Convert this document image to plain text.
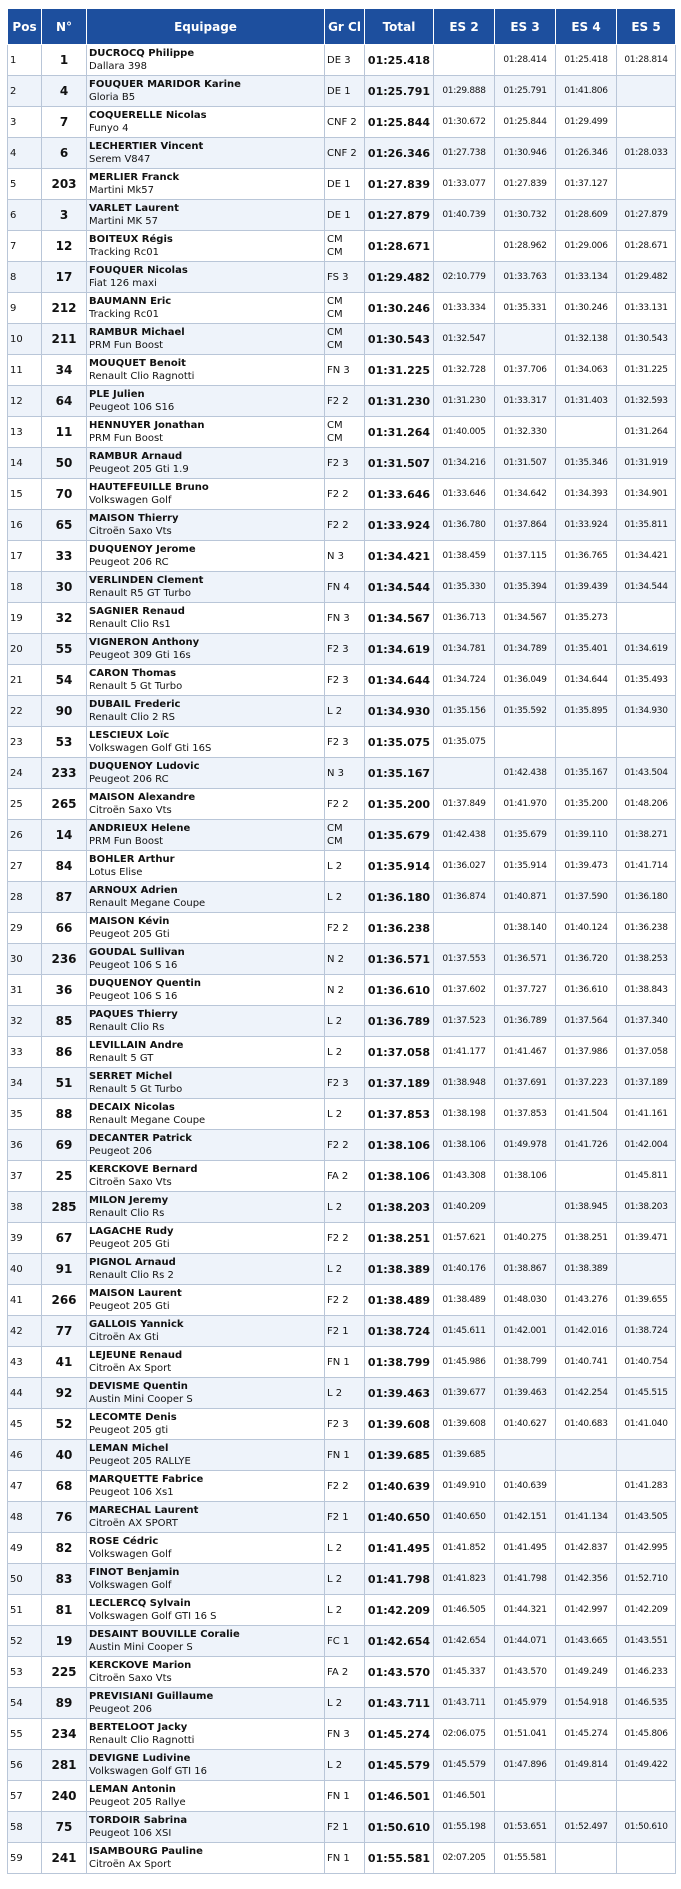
Pos	N°	Equipage	Gr Cl	Total	ES 2	ES 3	ES 4	ES 5
1	1	DUCROCQ Philippe
Dallara 398	DE 3	01:25.418		01:28.414	01:25.418	01:28.814
2	4	FOUQUER MARIDOR Karine
Gloria B5	DE 1	01:25.791	01:29.888	01:25.791	01:41.806	
3	7	COQUERELLE Nicolas
Funyo 4	CNF 2	01:25.844	01:30.672	01:25.844	01:29.499	
4	6	LECHERTIER Vincent
Serem V847	CNF 2	01:26.346	01:27.738	01:30.946	01:26.346	01:28.033
5	203	MERLIER Franck
Martini Mk57	DE 1	01:27.839	01:33.077	01:27.839	01:37.127	
6	3	VARLET Laurent
Martini MK 57	DE 1	01:27.879	01:40.739	01:30.732	01:28.609	01:27.879
7	12	BOITEUX Régis
Tracking Rc01	CM
CM	01:28.671		01:28.962	01:29.006	01:28.671
8	17	FOUQUER Nicolas
Fiat 126 maxi	FS 3	01:29.482	02:10.779	01:33.763	01:33.134	01:29.482
9	212	BAUMANN Eric
Tracking Rc01	CM
CM	01:30.246	01:33.334	01:35.331	01:30.246	01:33.131
10	211	RAMBUR Michael
PRM Fun Boost	CM
CM	01:30.543	01:32.547		01:32.138	01:30.543
11	34	MOUQUET Benoit
Renault Clio Ragnotti	FN 3	01:31.225	01:32.728	01:37.706	01:34.063	01:31.225
12	64	PLE Julien
Peugeot 106 S16	F2 2	01:31.230	01:31.230	01:33.317	01:31.403	01:32.593
13	11	HENNUYER Jonathan
PRM Fun Boost	CM
CM	01:31.264	01:40.005	01:32.330		01:31.264
14	50	RAMBUR Arnaud
Peugeot 205 Gti 1.9	F2 3	01:31.507	01:34.216	01:31.507	01:35.346	01:31.919
15	70	HAUTEFEUILLE Bruno
Volkswagen Golf	F2 2	01:33.646	01:33.646	01:34.642	01:34.393	01:34.901
16	65	MAISON Thierry
Citroën Saxo Vts	F2 2	01:33.924	01:36.780	01:37.864	01:33.924	01:35.811
17	33	DUQUENOY Jerome
Peugeot 206 RC	N 3	01:34.421	01:38.459	01:37.115	01:36.765	01:34.421
18	30	VERLINDEN Clement
Renault R5 GT Turbo	FN 4	01:34.544	01:35.330	01:35.394	01:39.439	01:34.544
19	32	SAGNIER Renaud
Renault Clio Rs1	FN 3	01:34.567	01:36.713	01:34.567	01:35.273	
20	55	VIGNERON Anthony
Peugeot 309 Gti 16s	F2 3	01:34.619	01:34.781	01:34.789	01:35.401	01:34.619
21	54	CARON Thomas
Renault 5 Gt Turbo	F2 3	01:34.644	01:34.724	01:36.049	01:34.644	01:35.493
22	90	DUBAIL Frederic
Renault Clio 2 RS	L 2	01:34.930	01:35.156	01:35.592	01:35.895	01:34.930
23	53	LESCIEUX Loïc
Volkswagen Golf Gti 16S	F2 3	01:35.075	01:35.075			
24	233	DUQUENOY Ludovic
Peugeot 206 RC	N 3	01:35.167		01:42.438	01:35.167	01:43.504
25	265	MAISON Alexandre
Citroën Saxo Vts	F2 2	01:35.200	01:37.849	01:41.970	01:35.200	01:48.206
26	14	ANDRIEUX Helene
PRM Fun Boost	CM
CM	01:35.679	01:42.438	01:35.679	01:39.110	01:38.271
27	84	BOHLER Arthur
Lotus Elise	L 2	01:35.914	01:36.027	01:35.914	01:39.473	01:41.714
28	87	ARNOUX Adrien
Renault Megane Coupe	L 2	01:36.180	01:36.874	01:40.871	01:37.590	01:36.180
29	66	MAISON Kévin
Peugeot 205 Gti	F2 2	01:36.238		01:38.140	01:40.124	01:36.238
30	236	GOUDAL Sullivan
Peugeot 106 S 16	N 2	01:36.571	01:37.553	01:36.571	01:36.720	01:38.253
31	36	DUQUENOY Quentin
Peugeot 106 S 16	N 2	01:36.610	01:37.602	01:37.727	01:36.610	01:38.843
32	85	PAQUES Thierry
Renault Clio Rs	L 2	01:36.789	01:37.523	01:36.789	01:37.564	01:37.340
33	86	LEVILLAIN Andre
Renault 5 GT	L 2	01:37.058	01:41.177	01:41.467	01:37.986	01:37.058
34	51	SERRET Michel
Renault 5 Gt Turbo	F2 3	01:37.189	01:38.948	01:37.691	01:37.223	01:37.189
35	88	DECAIX Nicolas
Renault Megane Coupe	L 2	01:37.853	01:38.198	01:37.853	01:41.504	01:41.161
36	69	DECANTER Patrick
Peugeot 206	F2 2	01:38.106	01:38.106	01:49.978	01:41.726	01:42.004
37	25	KERCKOVE Bernard
Citroën Saxo Vts	FA 2	01:38.106	01:43.308	01:38.106		01:45.811
38	285	MILON Jeremy
Renault Clio Rs	L 2	01:38.203	01:40.209		01:38.945	01:38.203
39	67	LAGACHE Rudy
Peugeot 205 Gti	F2 2	01:38.251	01:57.621	01:40.275	01:38.251	01:39.471
40	91	PIGNOL Arnaud
Renault Clio Rs 2	L 2	01:38.389	01:40.176	01:38.867	01:38.389	
41	266	MAISON Laurent
Peugeot 205 Gti	F2 2	01:38.489	01:38.489	01:48.030	01:43.276	01:39.655
42	77	GALLOIS Yannick
Citroën Ax Gti	F2 1	01:38.724	01:45.611	01:42.001	01:42.016	01:38.724
43	41	LEJEUNE Renaud
Citroën Ax Sport	FN 1	01:38.799	01:45.986	01:38.799	01:40.741	01:40.754
44	92	DEVISME Quentin
Austin Mini Cooper S	L 2	01:39.463	01:39.677	01:39.463	01:42.254	01:45.515
45	52	LECOMTE Denis
Peugeot 205 gti	F2 3	01:39.608	01:39.608	01:40.627	01:40.683	01:41.040
46	40	LEMAN Michel
Peugeot 205 RALLYE	FN 1	01:39.685	01:39.685			
47	68	MARQUETTE Fabrice
Peugeot 106 Xs1	F2 2	01:40.639	01:49.910	01:40.639		01:41.283
48	76	MARECHAL Laurent
Citroën AX SPORT	F2 1	01:40.650	01:40.650	01:42.151	01:41.134	01:43.505
49	82	ROSE Cédric
Volkswagen Golf	L 2	01:41.495	01:41.852	01:41.495	01:42.837	01:42.995
50	83	FINOT Benjamin
Volkswagen Golf	L 2	01:41.798	01:41.823	01:41.798	01:42.356	01:52.710
51	81	LECLERCQ Sylvain
Volkswagen Golf GTI 16 S	L 2	01:42.209	01:46.505	01:44.321	01:42.997	01:42.209
52	19	DESAINT BOUVILLE Coralie
Austin Mini Cooper S	FC 1	01:42.654	01:42.654	01:44.071	01:43.665	01:43.551
53	225	KERCKOVE Marion
Citroën Saxo Vts	FA 2	01:43.570	01:45.337	01:43.570	01:49.249	01:46.233
54	89	PREVISIANI Guillaume
Peugeot 206	L 2	01:43.711	01:43.711	01:45.979	01:54.918	01:46.535
55	234	BERTELOOT Jacky
Renault Clio Ragnotti	FN 3	01:45.274	02:06.075	01:51.041	01:45.274	01:45.806
56	281	DEVIGNE Ludivine
Volkswagen Golf GTI 16	L 2	01:45.579	01:45.579	01:47.896	01:49.814	01:49.422
57	240	LEMAN Antonin
Peugeot 205 Rallye	FN 1	01:46.501	01:46.501			
58	75	TORDOIR Sabrina
Peugeot 106 XSI	F2 1	01:50.610	01:55.198	01:53.651	01:52.497	01:50.610
59	241	ISAMBOURG Pauline
Citroën Ax Sport	FN 1	01:55.581	02:07.205	01:55.581		
